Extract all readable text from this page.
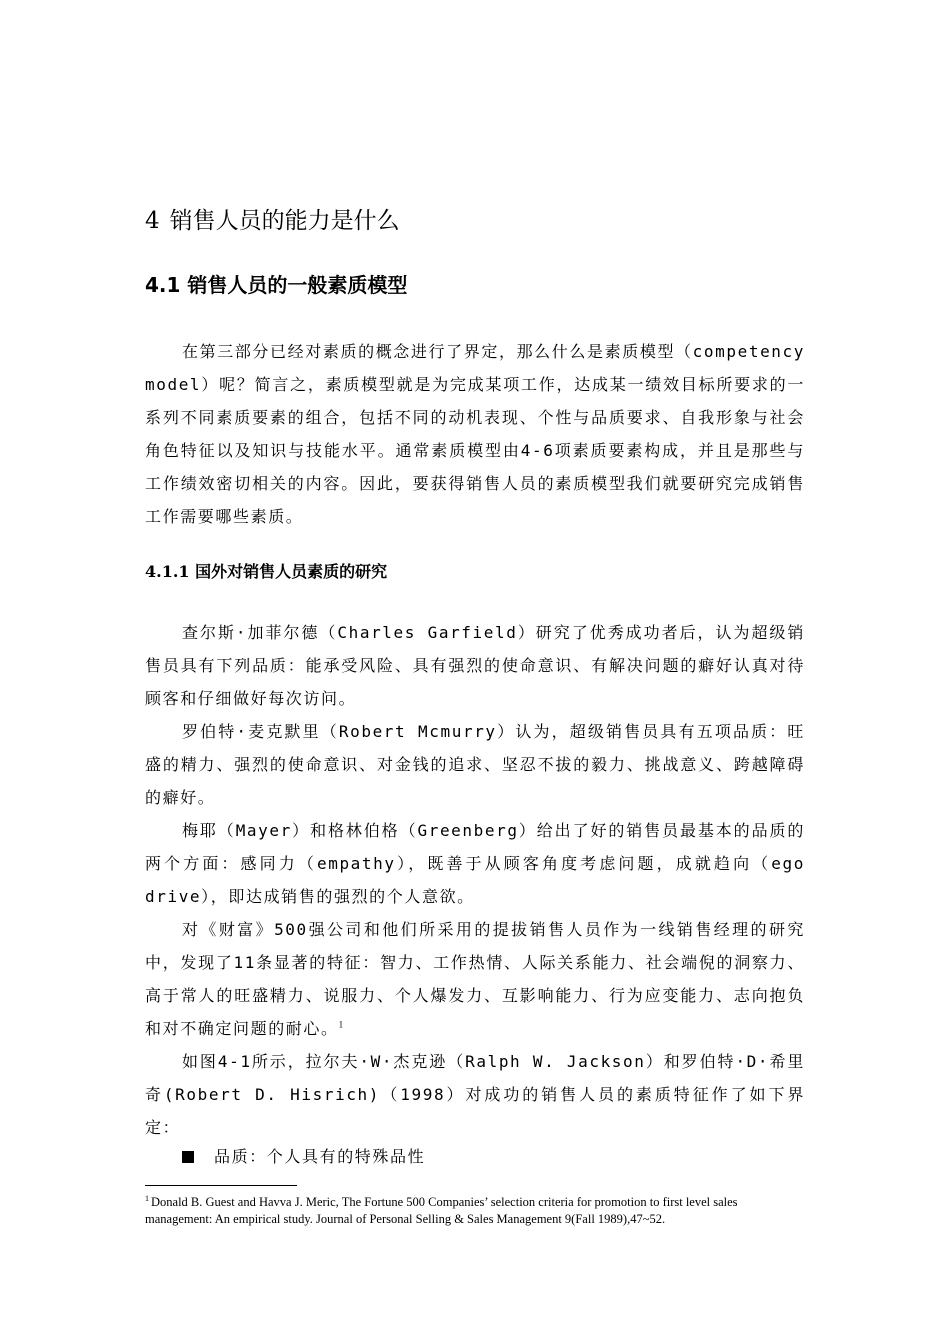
4 销售人员的能力是什么
4.1 销售人员的一般素质模型

在第三部分已经对素质的概念进行了界定，那么什么是素质模型（competency model）呢？简言之，素质模型就是为完成某项工作，达成某一绩效目标所要求的一系列不同素质要素的组合，包括不同的动机表现、个性与品质要求、自我形象与社会角色特征以及知识与技能水平。通常素质模型由4-6项素质要素构成，并且是那些与工作绩效密切相关的内容。因此，要获得销售人员的素质模型我们就要研究完成销售工作需要哪些素质。

4.1.1 国外对销售人员素质的研究

查尔斯·加菲尔德（Charles Garfield）研究了优秀成功者后，认为超级销售员具有下列品质：能承受风险、具有强烈的使命意识、有解决问题的癖好认真对待顾客和仔细做好每次访问。

罗伯特·麦克默里（Robert Mcmurry）认为，超级销售员具有五项品质：旺盛的精力、强烈的使命意识、对金钱的追求、坚忍不拔的毅力、挑战意义、跨越障碍的癖好。

梅耶（Mayer）和格林伯格（Greenberg）给出了好的销售员最基本的品质的两个方面：感同力（empathy），既善于从顾客角度考虑问题，成就趋向（ego drive），即达成销售的强烈的个人意欲。

对《财富》500强公司和他们所采用的提拔销售人员作为一线销售经理的研究中，发现了11条显著的特征：智力、工作热情、人际关系能力、社会端倪的洞察力、高于常人的旺盛精力、说服力、个人爆发力、互影响能力、行为应变能力、志向抱负和对不确定问题的耐心。$^1$

如图4-1所示，拉尔夫·W·杰克逊（Ralph W. Jackson）和罗伯特·D·希里奇(Robert D. Hisrich)（1998）对成功的销售人员的素质特征作了如下界定：

品质：个人具有的特殊品性
$^1$ Donald B. Guest and Havva J. Meric, The Fortune 500 Companies’ selection criteria for promotion to first level sales management: An empirical study. Journal of Personal Selling & Sales Management 9(Fall 1989),47~52.
